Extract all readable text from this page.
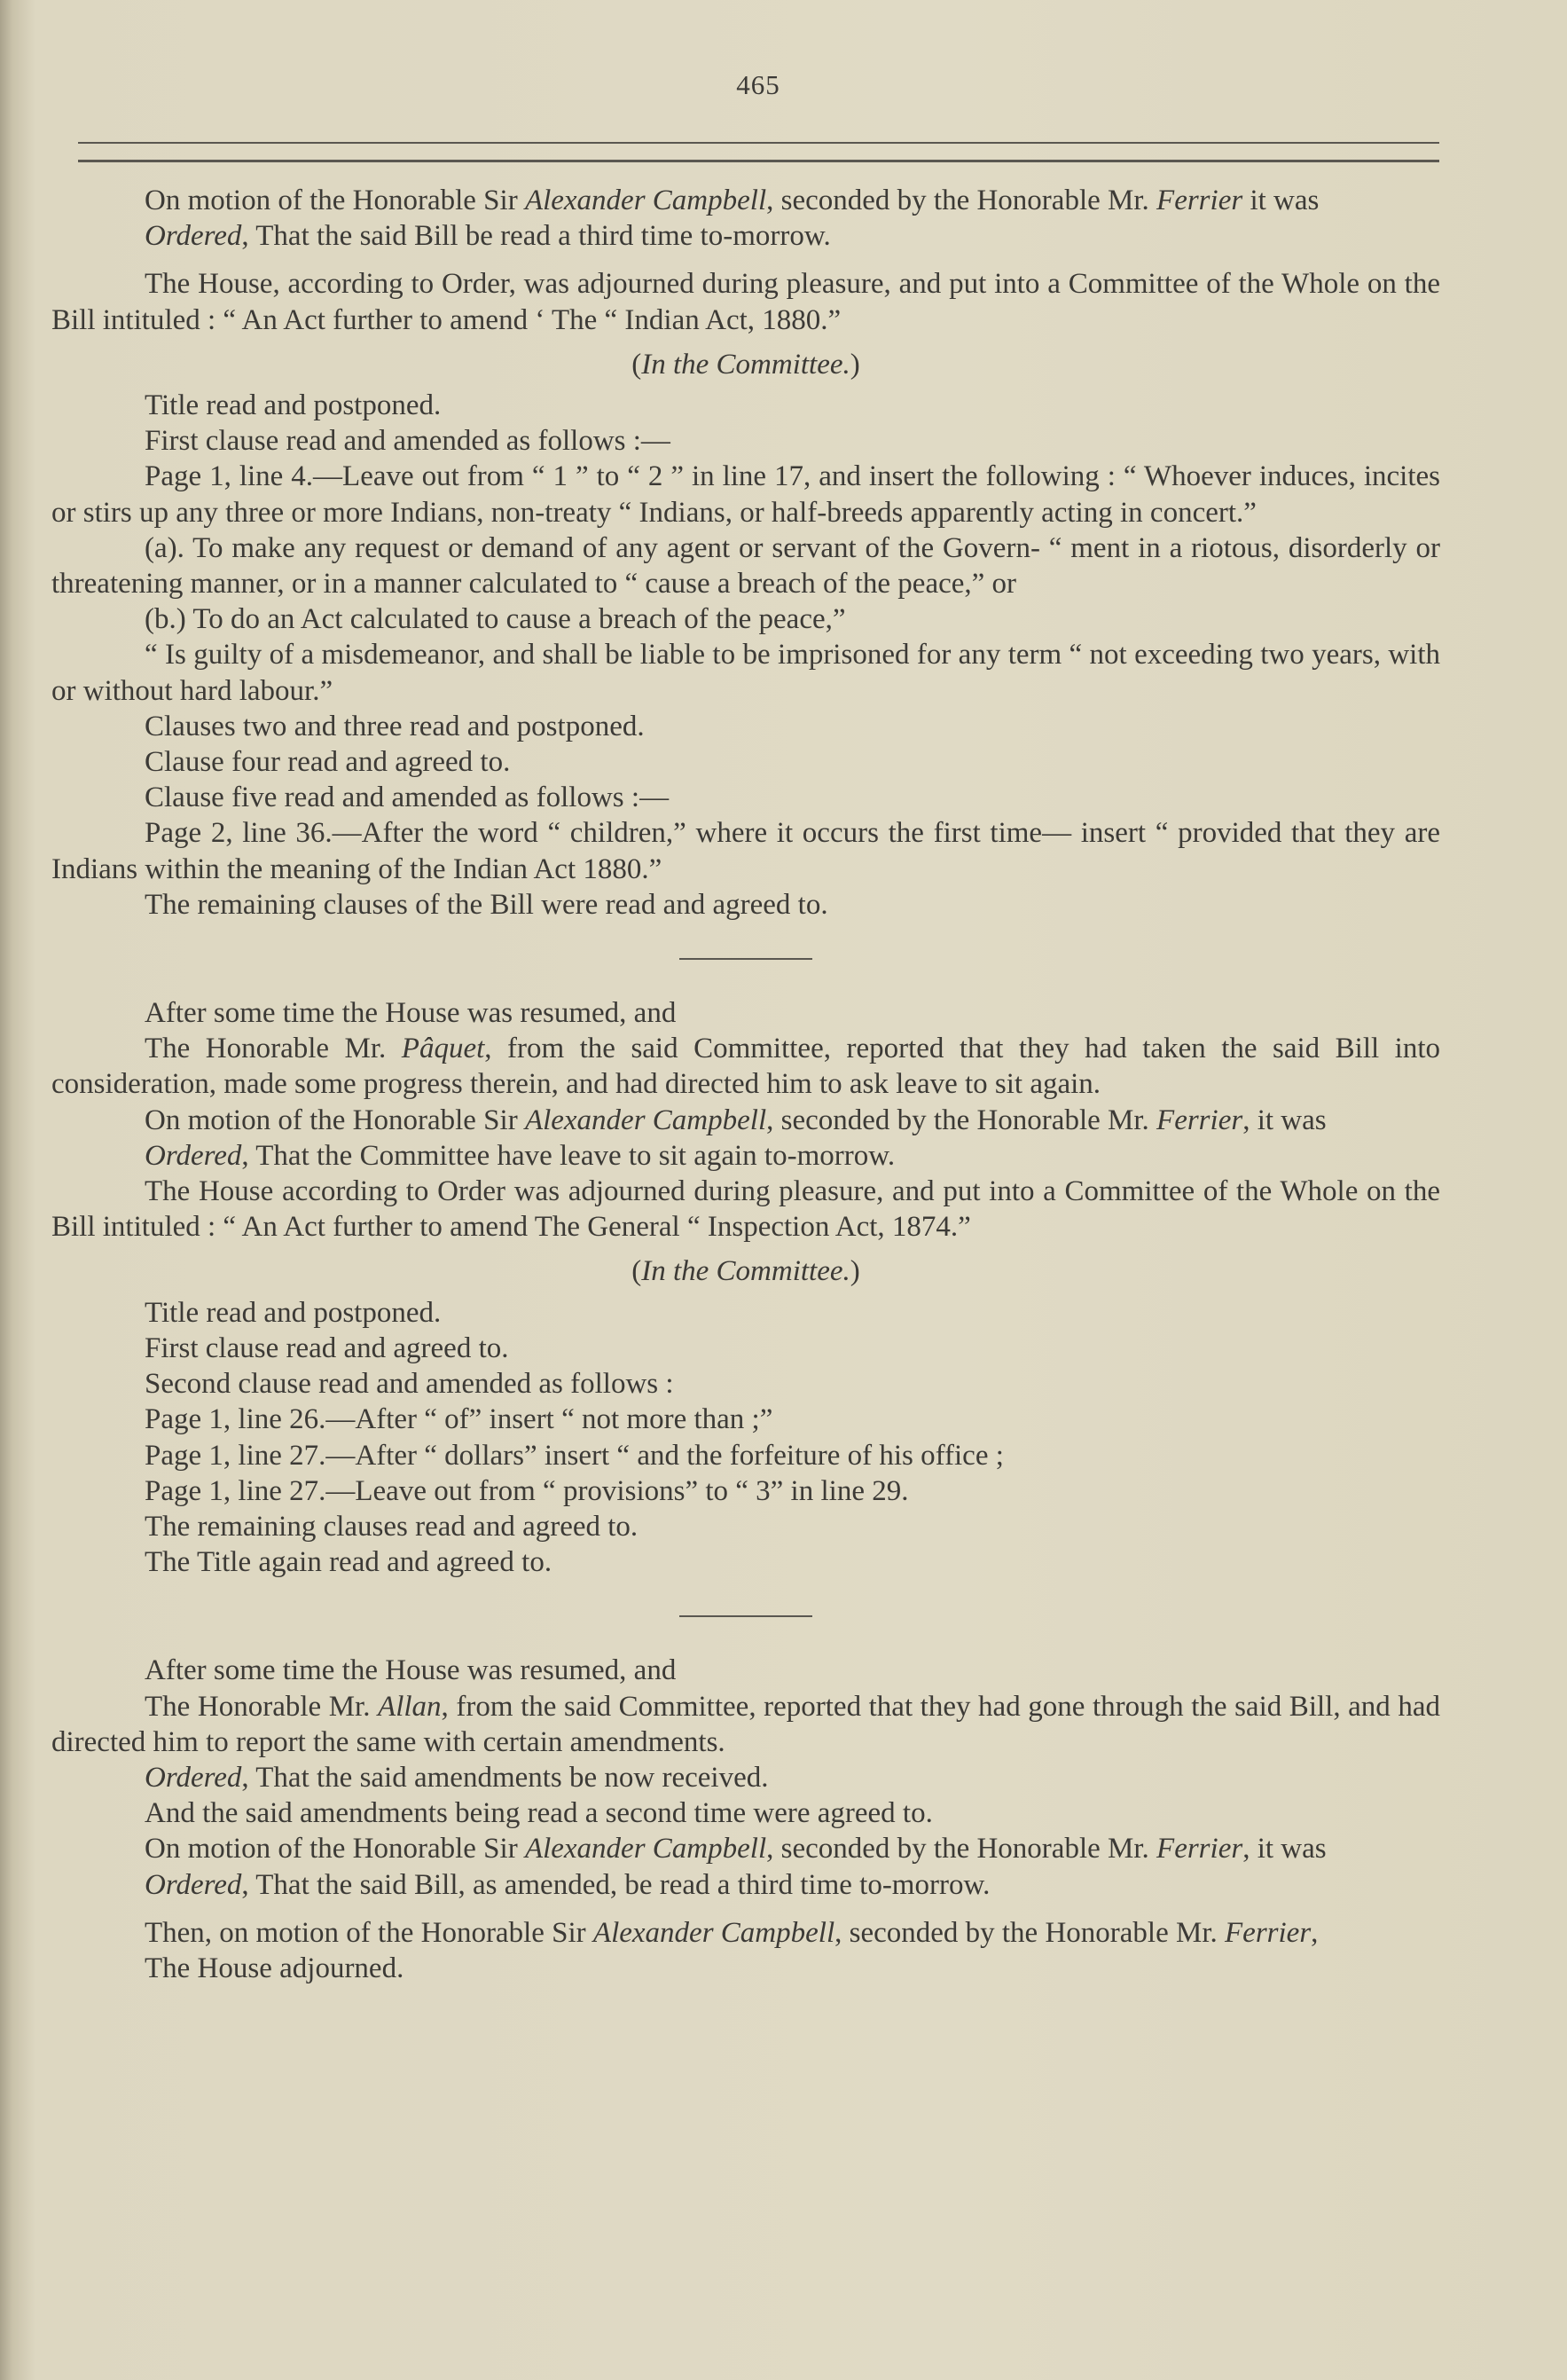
465

On motion of the Honorable Sir Alexander Campbell, seconded by the Honorable Mr. Ferrier it was

Ordered, That the said Bill be read a third time to-morrow.

The House, according to Order, was adjourned during pleasure, and put into a Committee of the Whole on the Bill intituled : “ An Act further to amend ‘ The “ Indian Act, 1880.”

(In the Committee.)

Title read and postponed.

First clause read and amended as follows :—

Page 1, line 4.—Leave out from “ 1 ” to “ 2 ” in line 17, and insert the following : “ Whoever induces, incites or stirs up any three or more Indians, non-treaty “ Indians, or half-breeds apparently acting in concert.”

(a). To make any request or demand of any agent or servant of the Govern- “ ment in a riotous, disorderly or threatening manner, or in a manner calculated to “ cause a breach of the peace,” or

(b.) To do an Act calculated to cause a breach of the peace,”

“ Is guilty of a misdemeanor, and shall be liable to be imprisoned for any term “ not exceeding two years, with or without hard labour.”

Clauses two and three read and postponed.

Clause four read and agreed to.

Clause five read and amended as follows :—

Page 2, line 36.—After the word “ children,” where it occurs the first time— insert “ provided that they are Indians within the meaning of the Indian Act 1880.”

The remaining clauses of the Bill were read and agreed to.

After some time the House was resumed, and

The Honorable Mr. Pâquet, from the said Committee, reported that they had taken the said Bill into consideration, made some progress therein, and had directed him to ask leave to sit again.

On motion of the Honorable Sir Alexander Campbell, seconded by the Honorable Mr. Ferrier, it was

Ordered, That the Committee have leave to sit again to-morrow.

The House according to Order was adjourned during pleasure, and put into a Committee of the Whole on the Bill intituled : “ An Act further to amend The General “ Inspection Act, 1874.”

(In the Committee.)

Title read and postponed.

First clause read and agreed to.

Second clause read and amended as follows :

Page 1, line 26.—After “ of” insert “ not more than ;”

Page 1, line 27.—After “ dollars” insert “ and the forfeiture of his office ;

Page 1, line 27.—Leave out from “ provisions” to “ 3” in line 29.

The remaining clauses read and agreed to.

The Title again read and agreed to.

After some time the House was resumed, and

The Honorable Mr. Allan, from the said Committee, reported that they had gone through the said Bill, and had directed him to report the same with certain amendments.

Ordered, That the said amendments be now received.

And the said amendments being read a second time were agreed to.

On motion of the Honorable Sir Alexander Campbell, seconded by the Honorable Mr. Ferrier, it was

Ordered, That the said Bill, as amended, be read a third time to-morrow.

Then, on motion of the Honorable Sir Alexander Campbell, seconded by the Honorable Mr. Ferrier,

The House adjourned.
